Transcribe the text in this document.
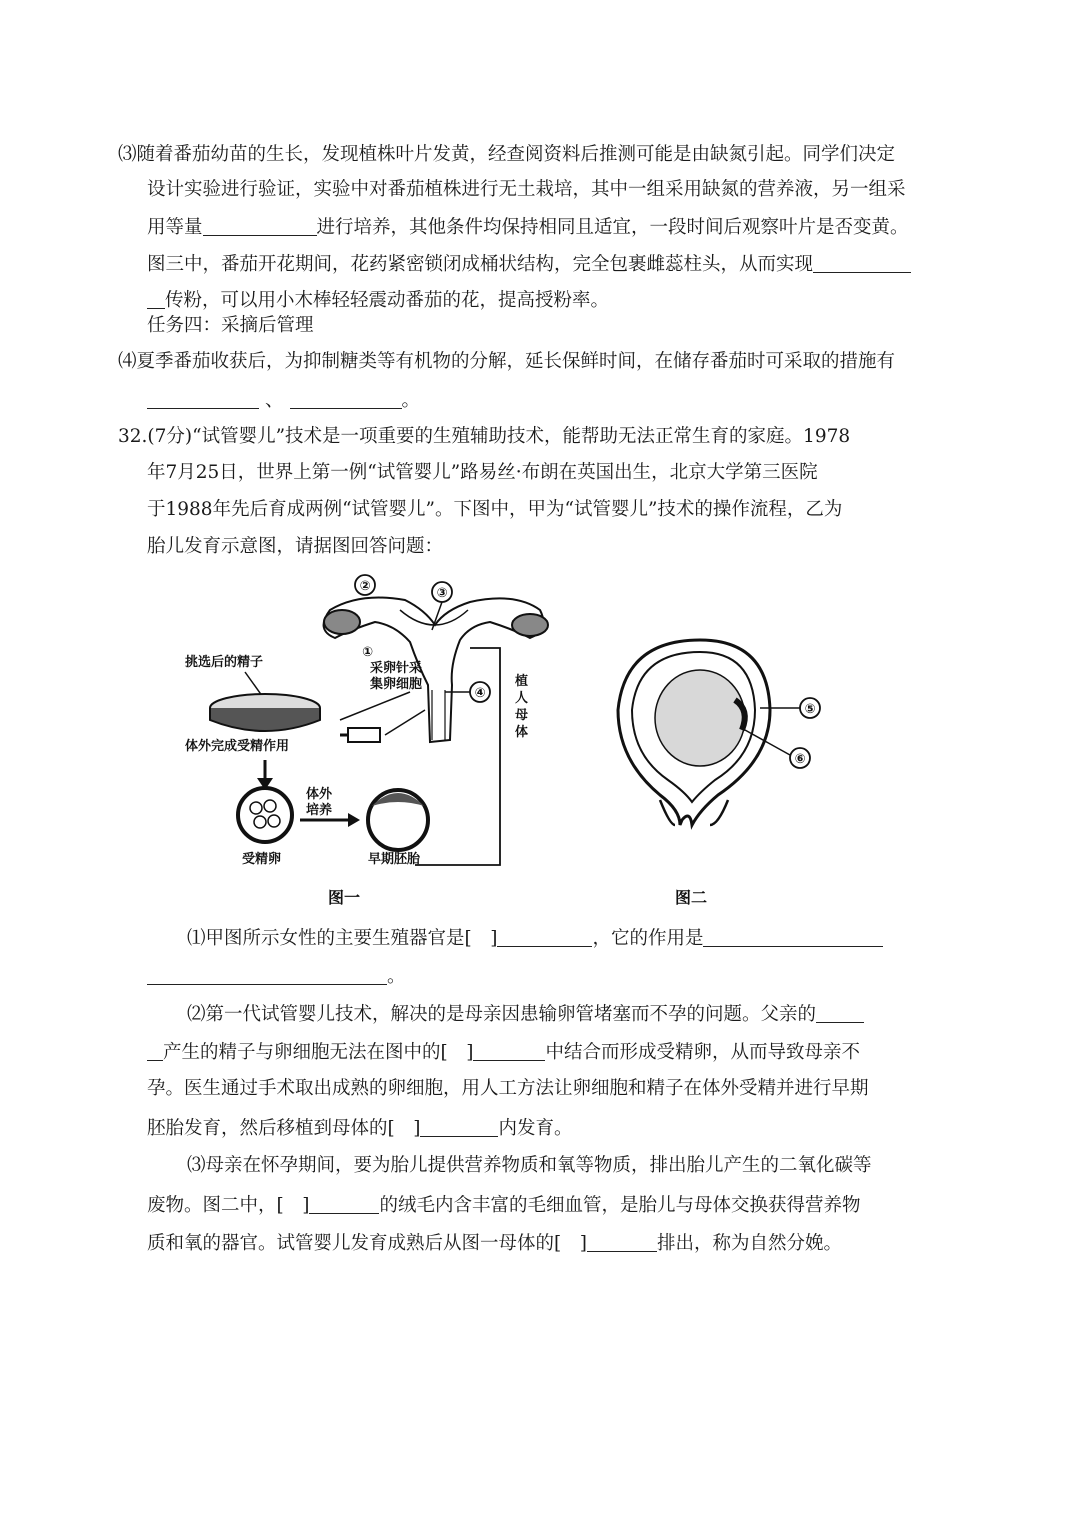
⑶随着番茄幼苗的生长，发现植株叶片发黄，经查阅资料后推测可能是由缺氮引起。同学们决定
设计实验进行验证，实验中对番茄植株进行无土栽培，其中一组采用缺氮的营养液，另一组采
用等量	进行培养，其他条件均保持相同且适宜，一段时间后观察叶片是否变黄。
图三中，番茄开花期间，花药紧密锁闭成桶状结构，完全包裹雌蕊柱头，从而实现
传粉，可以用小木棒轻轻震动番茄的花，提高授粉率。
任务四：采摘后管理
⑷夏季番茄收获后，为抑制糖类等有机物的分解，延长保鲜时间，在储存番茄时可采取的措施有
、	。
32.(7分)“试管婴儿”技术是一项重要的生殖辅助技术，能帮助无法正常生育的家庭。1978
年7月25日，世界上第一例“试管婴儿”路易丝·布朗在英国出生，北京大学第三医院
于1988年先后育成两例“试管婴儿”。下图中，甲为“试管婴儿”技术的操作流程，乙为
胎儿发育示意图，请据图回答问题：
②	③
①
④
植
人
母
体
采卵针采
集卵细胞
挑选后的精子
体外完成受精作用
受精卵
体外
培养
早期胚胎
图一
⑤
⑥
图二
⑴甲图所示女性的主要生殖器官是[　]	，它的作用是
。
⑵第一代试管婴儿技术，解决的是母亲因患输卵管堵塞而不孕的问题。父亲的
产生的精子与卵细胞无法在图中的[　]	中结合而形成受精卵，从而导致母亲不
孕。医生通过手术取出成熟的卵细胞，用人工方法让卵细胞和精子在体外受精并进行早期
胚胎发育，然后移植到母体的[　]	内发育。
⑶母亲在怀孕期间，要为胎儿提供营养物质和氧等物质，排出胎儿产生的二氧化碳等
废物。图二中，[　]	的绒毛内含丰富的毛细血管，是胎儿与母体交换获得营养物
质和氧的器官。试管婴儿发育成熟后从图一母体的[　]	排出，称为自然分娩。
